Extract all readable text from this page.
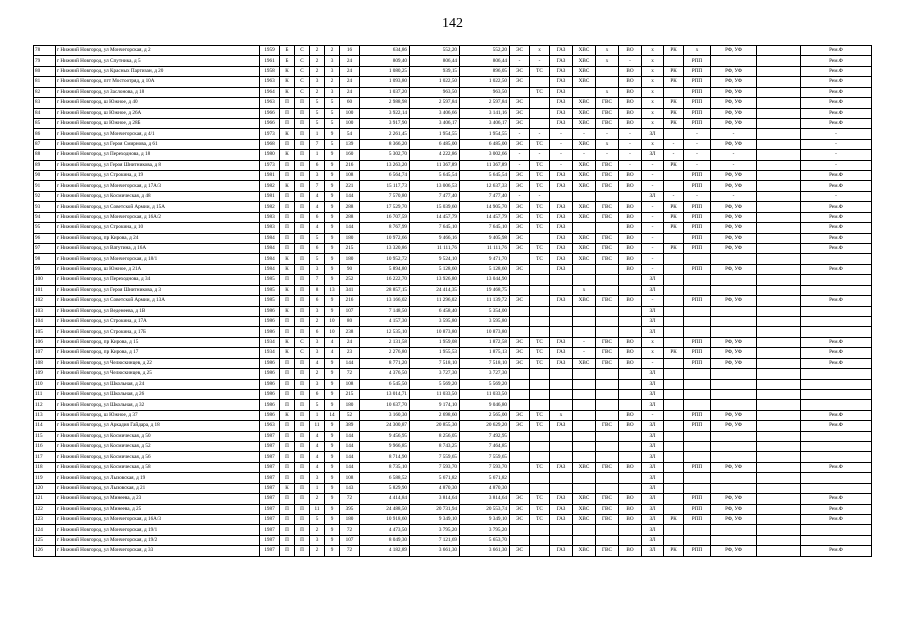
142
78	г Нижний Новгород, ул Мончегорская, д 2	1959	Б	С	2	2	16	634,86	552,20	552,20	ЭС	х	ГАЗ	ХВС	х	ВО	х	РК	х	РФ, УФ		Рем.Ф
79	г Нижний Новгород, ул Спутника, д 5	1961	Б	С	2	3	24	809,40	806,44	806,44	-	-	ГАЗ	ХВС	х	-	х		РПП			Рем.Ф
80	г Нижний Новгород, ул Красных Партизан, д 20	1958	К	С	2	3	24	1 080,25	939,15	896,05	ЭС	ТС	ГАЗ	ХВС		ВО	х	РК	РПП	РФ, УФ		Рем.Ф
81	г Нижний Новгород, пгт Мостоотряд, д 10А	1963	К	С	3	2	24	1 093,80	1 022,50	1 022,50	ЭС		ГАЗ	ХВС		ВО	х	РК	РПП	РФ, УФ		Рем.Ф
82	г Нижний Новгород, ул Заслонова, д 18	1964	К	С	2	3	24	1 037,20	963,50	963,50		ТС	ГАЗ		х	ВО	х		РПП	РФ, УФ		Рем.Ф
83	г Нижний Новгород, ш Южное, д 40	1963	П	П	5	5	60	2 988,98	2 597,84	2 597,84	ЭС		ГАЗ	ХВС	ГВС	ВО	х	РК	РПП	РФ, УФ		Рем.Ф
84	г Нижний Новгород, ш Южное, д 26А	1966	П	П	5	5	100	3 922,14	3 406,66	3 141,16	ЭС		ГАЗ	ХВС	ГВС	ВО	х	РК	РПП	РФ, УФ		Рем.Ф
85	г Нижний Новгород, ш Южное, д 28Б	1966	П	П	5	5	100	3 917,90	3 406,17	3 406,17	ЭС		ГАЗ	ХВС	ГВС	ВО	х	РК	РПП	РФ, УФ		Рем.Ф
86	г Нижний Новгород, ул Мончегорская, д 4/1	1973	К	П	1	9	54	2 261,45	1 954,55	1 954,55	-	-	-	-	-	-	ЗЛ		-	-		-
87	г Нижний Новгород, ул Героя Смирнова, д 61	1968	П	П	7	5	139	8 366,20	6 485,00	6 485,00	ЭС	ТС	-	ХВС	х	-	х	-	-	РФ, УФ		-
88	г Нижний Новгород, ул Переходнова, д 18	1980	К	П	1	9	160	5 302,70	4 222,86	3 002,66	-	-	-	-	-	-	ЗЛ	-	-	-		-
89	г Нижний Новгород, ул Героя Шнитникова, д 8	1973	П	П	6	9	216	13 263,20	11 367,89	11 367,89	-	ТС	-	ХВС	ГВС	-	-	РК	-	-		-
90	г Нижний Новгород, ул Строкина, д 19	1981	П	П	3	9	108	6 564,74	5 645,54	5 645,54	ЭС	ТС	ГАЗ	ХВС	ГВС	ВО	-		РПП	РФ, УФ		Рем.Ф
91	г Нижний Новгород, ул Мончегорская, д 17А/3	1982	К	П	7	9	221	15 117,73	13 006,53	12 637,33	ЭС	ТС	ГАЗ	ХВС	ГВС	ВО	-		РПП	РФ, УФ		Рем.Ф
92	г Нижний Новгород, ул Космическая, д 48	1981	П	П	4	9	144	7 570,80	7 477,40	7 477,40	-	-					ЗЛ	-	-	-		-
93	г Нижний Новгород, ул Советской Армии, д 15А	1982	П	П	4	9	288	17 529,70	15 039,60	14 905,70	ЭС	ТС	ГАЗ	ХВС	ГВС	ВО	-	РК	РПП	РФ, УФ		Рем.Ф
94	г Нижний Новгород, ул Мончегорская, д 16А/2	1983	П	П	6	9	288	16 707,59	14 457,79	14 457,79	ЭС	ТС	ГАЗ	ХВС	ГВС	ВО	-	РК	РПП	РФ, УФ		Рем.Ф
95	г Нижний Новгород, ул Строкина, д 10	1983	П	П	4	9	144	8 767,99	7 645,10	7 645,10	ЭС	ТС	ГАЗ			ВО	-	РК	РПП	РФ, УФ		Рем.Ф
96	г Нижний Новгород, пр Кирова, д 24	1984	П	П	5	9	180	10 972,66	9 466,16	9 405,98	ЭС		ГАЗ	ХВС	ГВС	ВО	-		РПП	РФ, УФ		Рем.Ф
97	г Нижний Новгород, ул Ватутина, д 16А	1984	П	П	6	9	215	13 320,86	11 111,76	11 111,76	ЭС	ТС	ГАЗ	ХВС	ГВС	ВО	-	РК	РПП	РФ, УФ		Рем.Ф
98	г Нижний Новгород, ул Мончегорская, д 18/1	1984	К	П	5	9	180	10 952,72	9 524,10	9 471,70		ТС	ГАЗ	ХВС	ГВС	ВО	-					
99	г Нижний Новгород, ш Южное, д 21А	1984	К	П	3	9	90	5 894,80	5 128,60	5 128,60	ЭС		ГАЗ			ВО	-		РПП	РФ, УФ		Рем.Ф
100	г Нижний Новгород, ул Переходнова, д 34	1985	П	П	7	9	252	16 222,70	13 926,80	13 044,90							ЗЛ					
101	г Нижний Новгород, ул Героя Шнитникова, д 3	1985	К	П	8	13	341	28 857,15	24 414,35	19 468,75				х			ЗЛ					
102	г Нижний Новгород, ул Советской Армии, д 13А	1985	П	П	6	9	216	13 166,02	11 296,02	11 139,72	ЭС		ГАЗ	ХВС	ГВС	ВО	-		РПП	РФ, УФ		Рем.Ф
103	г Нижний Новгород, ул Веденеева, д 1В	1986	К	П	3	9	107	7 148,50	6 458,40	5 354,00							ЗЛ					
104	г Нижний Новгород, ул Строкина, д 17А	1986	П	П	2	10	80	4 157,30	3 595,80	3 595,80							ЗЛ					
105	г Нижний Новгород, ул Строкина, д 17Б	1986	П	П	6	10	238	12 535,10	10 873,80	10 873,80							ЗЛ					
106	г Нижний Новгород, пр Кирова, д 15	1934	К	С	3	4	24	2 131,58	1 959,08	1 872,58	ЭС	ТС	ГАЗ	-	ГВС	ВО	х		РПП	РФ, УФ		Рем.Ф
107	г Нижний Новгород, пр Кирова, д 17	1934	К	С	3	4	23	2 276,80	1 955,53	1 875,13	ЭС	ТС	ГАЗ	-	ГВС	ВО	х	РК	РПП	РФ, УФ		Рем.Ф
108	г Нижний Новгород, ул Челюскинцев, д 22	1986	П	П	4	9	144	8 771,20	7 518,10	7 518,10	ЭС	ТС	ГАЗ	ХВС	ГВС	ВО	-		РПП	РФ, УФ		Рем.Ф
109	г Нижний Новгород, ул Челюскинцев, д 25	1986	П	П	2	9	72	4 376,50	3 727,30	3 727,30							ЗЛ					
110	г Нижний Новгород, ул Школьная, д 24	1986	П	П	3	9	108	6 545,50	5 569,20	5 569,20							ЗЛ					
111	г Нижний Новгород, ул Школьная, д 26	1986	П	П	6	9	215	13 014,71	11 033,50	11 033,50							ЗЛ					
112	г Нижний Новгород, ул Школьная, д 32	1986	П	П	5	9	180	10 637,70	9 174,10	9 046,80							ЗЛ					
113	г Нижний Новгород, ш Южное, д 37	1986	К	П	1	14	52	3 160,30	2 698,60	2 565,00	ЭС	ТС	х			ВО	-		РПП	РФ, УФ		Рем.Ф
114	г Нижний Новгород, ул Аркадия Гайдара, д 18	1963	П	П	11	9	389	24 300,87	20 855,30	20 629,20	ЭС	ТС	ГАЗ		ГВС	ВО	ЗЛ		РПП	РФ, УФ		Рем.Ф
115	г Нижний Новгород, ул Космическая, д 50	1987	П	П	4	9	144	9 456,95	8 256,05	7 492,95							ЗЛ					
116	г Нижний Новгород, ул Космическая, д 52	1987	П	П	4	9	144	9 966,85	8 743,25	7 464,85							ЗЛ					
117	г Нижний Новгород, ул Космическая, д 56	1987	П	П	4	9	144	8 714,90	7 559,65	7 559,65							ЗЛ					
118	г Нижний Новгород, ул Космическая, д 58	1987	П	П	4	9	144	8 735,10	7 593,70	7 593,70		ТС	ГАЗ	ХВС	ГВС	ВО	ЗЛ		РПП	РФ, УФ		Рем.Ф
119	г Нижний Новгород, ул Лызовская, д 19	1987	П	П	3	9	108	6 588,52	5 671,82	5 671,82							ЗЛ					
120	г Нижний Новгород, ул Лызовская, д 21	1987	К	П	1	9	143	5 829,90	4 870,30	4 870,30							ЗЛ					
121	г Нижний Новгород, ул Минеева, д 23	1987	П	П	2	9	72	4 414,84	3 814,64	3 814,64	ЭС	ТС	ГАЗ	ХВС	ГВС	ВО	ЗЛ		РПП	РФ, УФ		Рем.Ф
122	г Нижний Новгород, ул Минеева, д 25	1987	П	П	11	9	395	24 488,50	20 731,94	20 553,74	ЭС	ТС	ГАЗ	ХВС	ГВС	ВО	ЗЛ		РПП	РФ, УФ		Рем.Ф
123	г Нижний Новгород, ул Мончегорская, д 16А/3	1987	П	П	5	9	180	10 918,60	9 349,10	9 349,10	ЭС	ТС	ГАЗ	ХВС	ГВС	ВО	ЗЛ	РК	РПП	РФ, УФ		Рем.Ф
124	г Нижний Новгород, ул Мончегорская, д 19/1	1987	П	П	2	9	72	4 473,50	3 795,20	3 795,20							ЗЛ					
125	г Нижний Новгород, ул Мончегорская, д 19/2	1987	П	П	3	9	107	8 049,30	7 121,69	5 653,70							ЗЛ					
126	г Нижний Новгород, ул Мончегорская, д 33	1987	П	П	2	9	72	4 182,89	3 661,30	3 661,30	ЭС		ГАЗ	ХВС	ГВС	ВО	ЗЛ	РК	РПП	РФ, УФ		Рем.Ф
